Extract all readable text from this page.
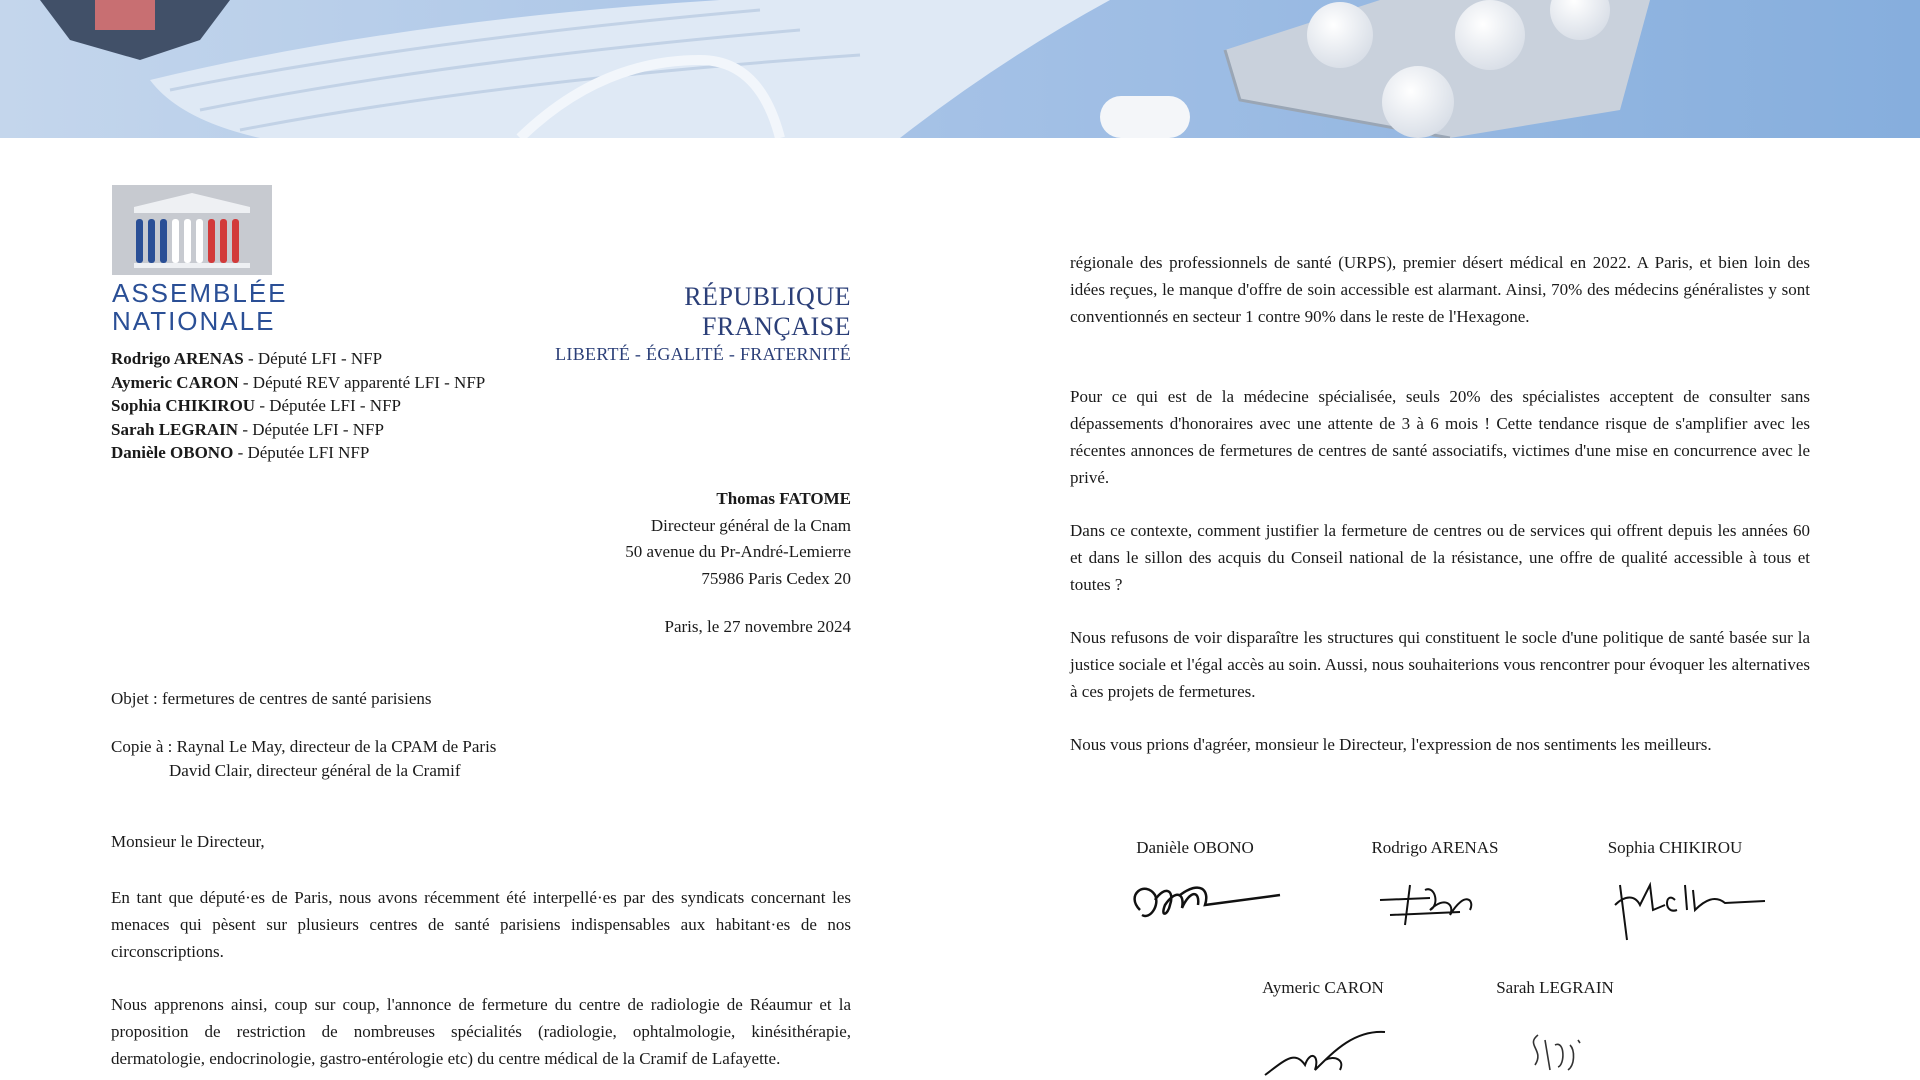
ASSEMBLÉE
NATIONALE
RÉPUBLIQUE FRANÇAISE
LIBERTÉ - ÉGALITÉ - FRATERNITÉ
Rodrigo ARENAS - Député LFI - NFP
Aymeric CARON - Député REV apparenté LFI - NFP
Sophia CHIKIROU - Députée LFI - NFP
Sarah LEGRAIN - Députée LFI - NFP
Danièle OBONO - Députée LFI NFP
Thomas FATOME
Directeur général de la Cnam
50 avenue du Pr-André-Lemierre
75986 Paris Cedex 20
Paris, le 27 novembre 2024
Objet : fermetures de centres de santé parisiens
Copie à : Raynal Le May, directeur de la CPAM de Paris
David Clair, directeur général de la Cramif
Monsieur le Directeur,
En tant que député·es de Paris, nous avons récemment été interpellé·es par des syndicats concernant les menaces qui pèsent sur plusieurs centres de santé parisiens indispensables aux habitant·es de nos circonscriptions.
Nous apprenons ainsi, coup sur coup, l'annonce de fermeture du centre de radiologie de Réaumur et la proposition de restriction de nombreuses spécialités (radiologie, ophtalmologie, kinésithérapie, dermatologie, endocrinologie, gastro-entérologie etc) du centre médical de la Cramif de Lafayette.
régionale des professionnels de santé (URPS), premier désert médical en 2022. A Paris, et bien loin des idées reçues, le manque d'offre de soin accessible est alarmant. Ainsi, 70% des médecins généralistes y sont conventionnés en secteur 1 contre 90% dans le reste de l'Hexagone.
Pour ce qui est de la médecine spécialisée, seuls 20% des spécialistes acceptent de consulter sans dépassements d'honoraires avec une attente de 3 à 6 mois ! Cette tendance risque de s'amplifier avec les récentes annonces de fermetures de centres de santé associatifs, victimes d'une mise en concurrence avec le privé.
Dans ce contexte, comment justifier la fermeture de centres ou de services qui offrent depuis les années 60 et dans le sillon des acquis du Conseil national de la résistance, une offre de qualité accessible à tous et toutes ?
Nous refusons de voir disparaître les structures qui constituent le socle d'une politique de santé basée sur la justice sociale et l'égal accès au soin. Aussi, nous souhaiterions vous rencontrer pour évoquer les alternatives à ces projets de fermetures.
Nous vous prions d'agréer, monsieur le Directeur, l'expression de nos sentiments les meilleurs.
Danièle OBONO	Rodrigo ARENAS	Sophia CHIKIROU
Aymeric CARON	Sarah LEGRAIN
